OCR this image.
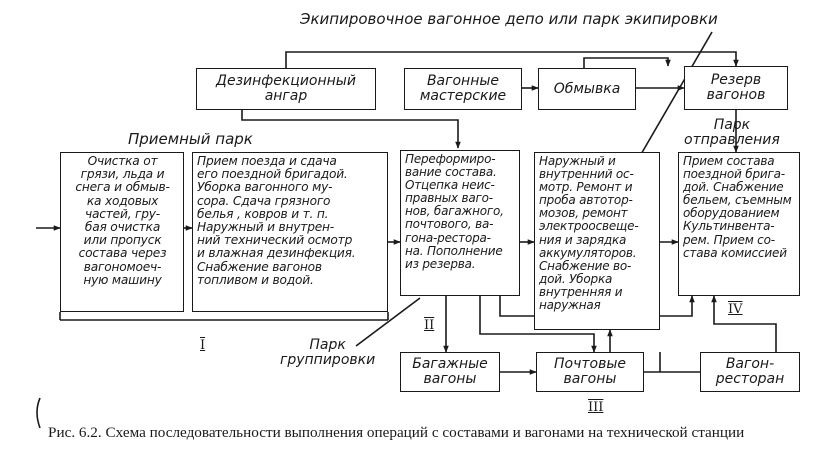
Экипировочное вагонное депо или парк экипировки
Приемный парк
Парк
отправления
Парк
группировки
Дезинфекционный
ангар
Вагонные
мастерские	Обмывка
Резерв
вагонов
Очистка от
грязи, льда и
снега и обмыв-
ка ходовых
частей, гру-
бая очистка
или пропуск
состава через
вагономоеч-
ную машину
Прием поезда и сдача
его поездной бригадой.
Уборка вагонного му-
сора. Сдача грязного
белья , ковров и т. п.
Наружный и внутрен-
ний технический осмотр
и влажная дезинфекция.
Снабжение вагонов
топливом и водой.
Переформиро-
вание состава.
Отцепка неис-
правных ваго-
нов, багажного,
почтового, ва-
гона-рестора-
на. Пополнение
из резерва.
Наружный и
внутренний ос-
мотр. Ремонт и
проба автотор-
мозов, ремонт
электроосвеще-
ния и зарядка
аккумуляторов.
Снабжение во-
дой. Уборка
внутренняя и
наружная
Прием состава
поездной брига-
дой. Снабжение
бельем, съемным
оборудованием
Культинвента-
рем. Прием со-
става комиссией
Багажные
вагоны
Почтовые
вагоны
Вагон-
ресторан
I
II
III
IV
Рис. 6.2. Схема последовательности выполнения операций с составами и вагонами на технической станции
